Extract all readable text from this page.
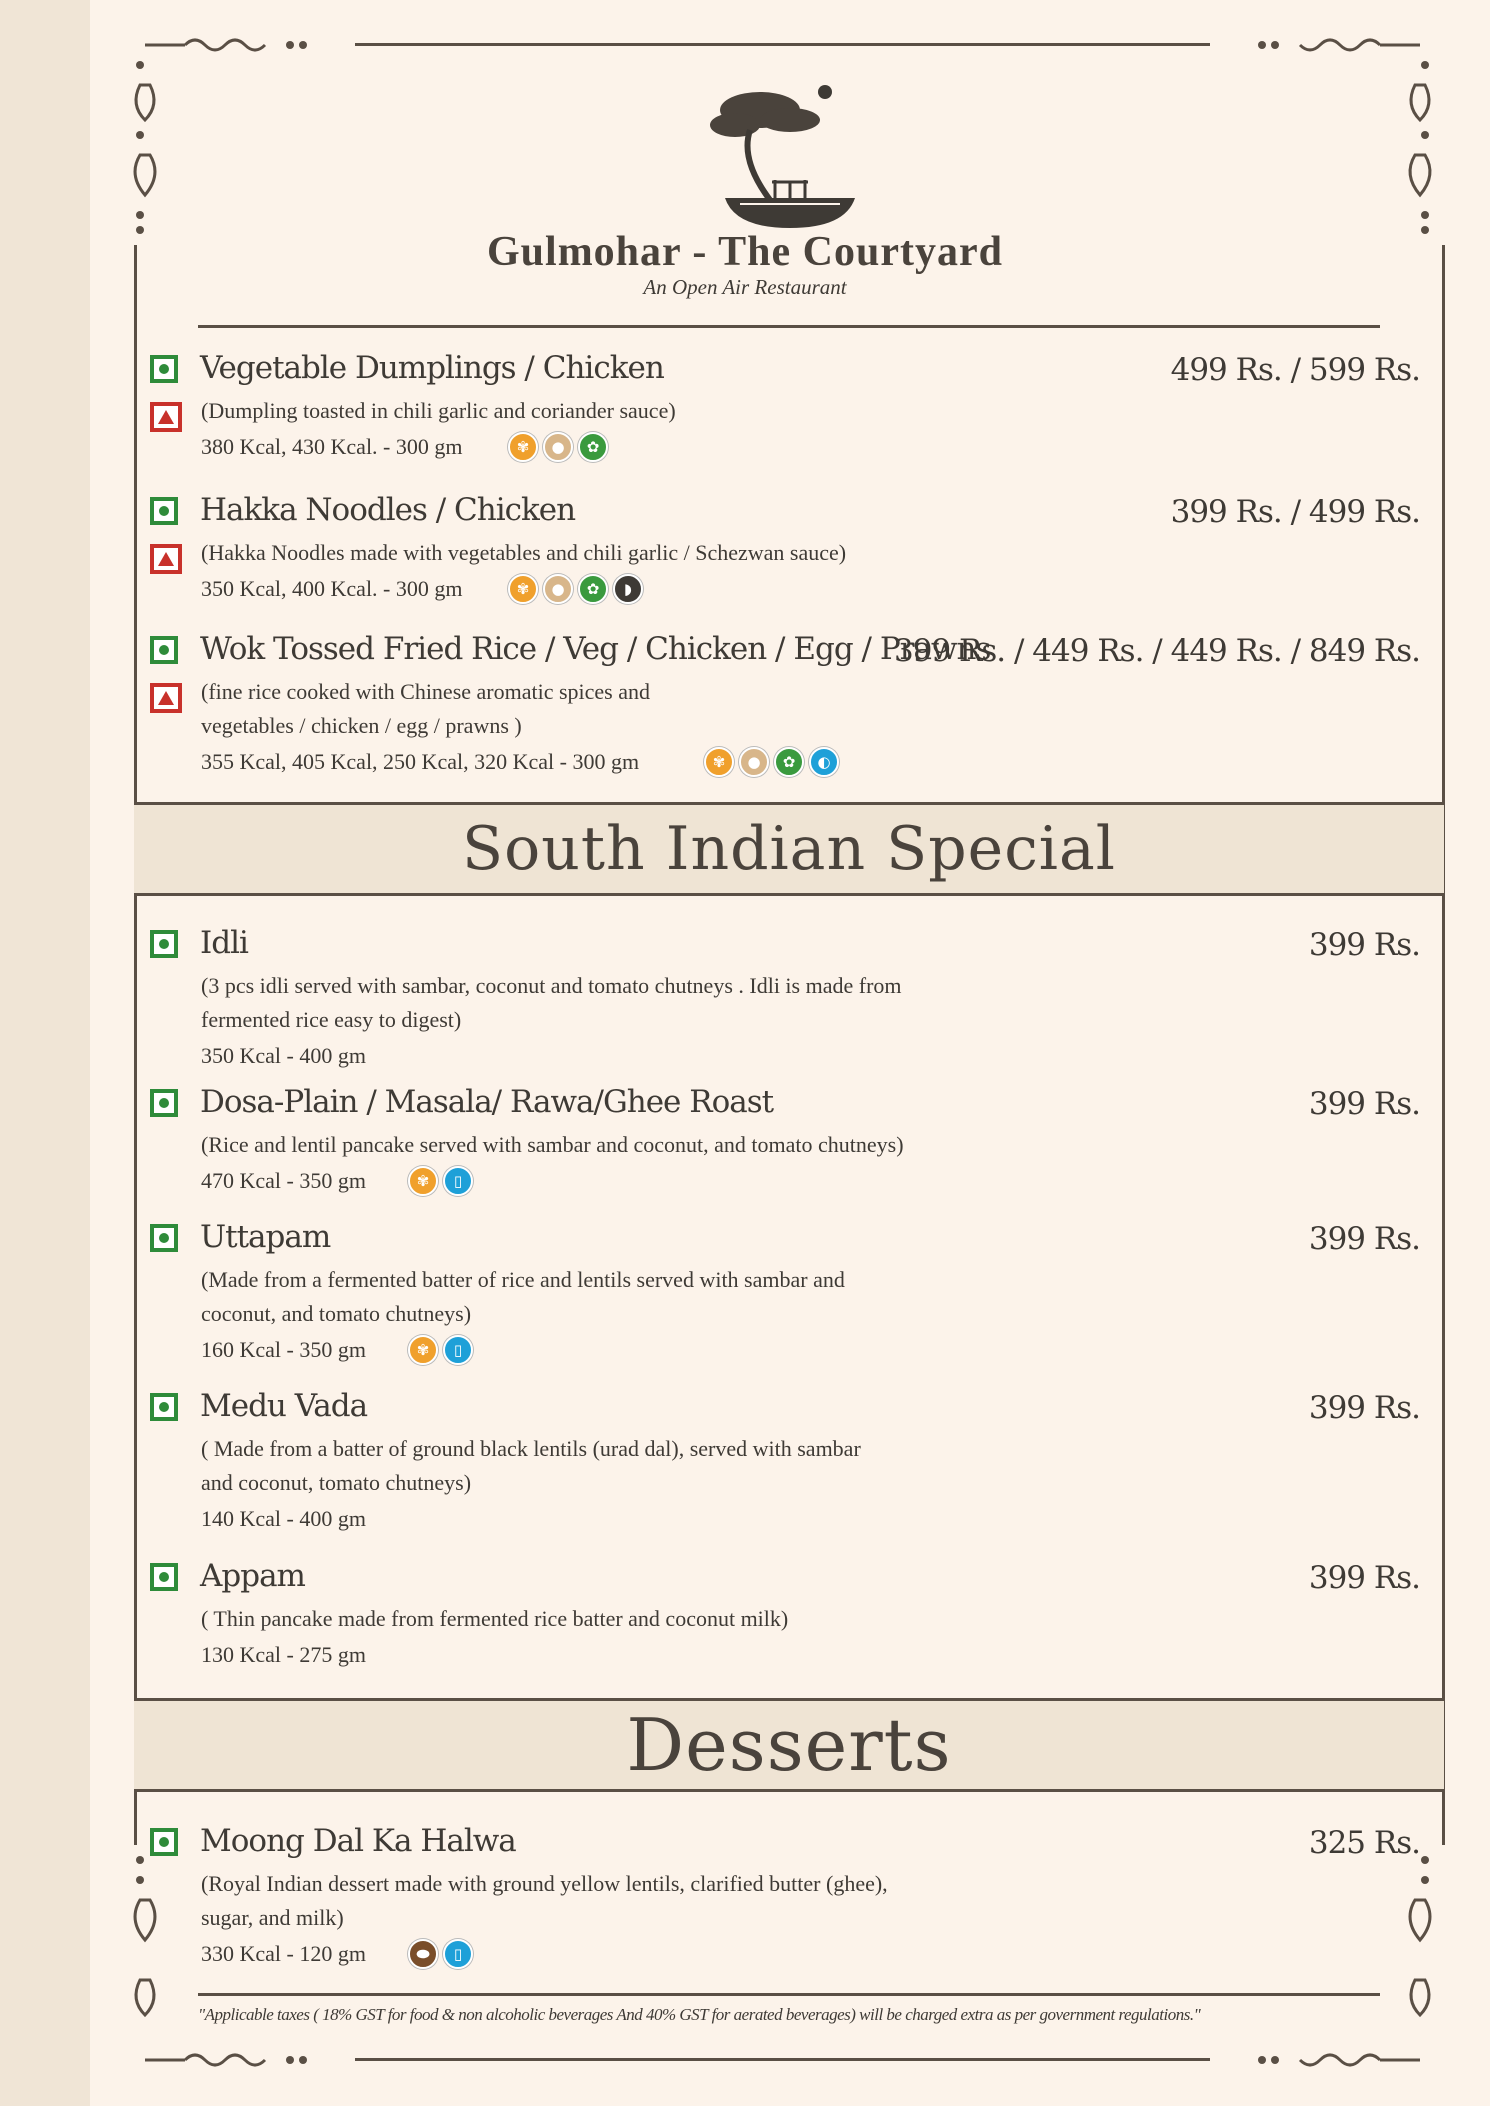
Gulmohar - The Courtyard
An Open Air Restaurant
Vegetable Dumplings / Chicken	499 Rs. / 599 Rs.
(Dumpling toasted in chili garlic and coriander sauce)
380 Kcal, 430 Kcal. - 300 gm	✾	●	✿
Hakka Noodles / Chicken	399 Rs. / 499 Rs.
(Hakka Noodles made with vegetables and chili garlic / Schezwan sauce)
350 Kcal, 400 Kcal. - 300 gm	✾	●	✿	◗
Wok Tossed Fried Rice / Veg / Chicken / Egg / Prawns
399 Rs. / 449 Rs. / 449 Rs. / 849 Rs.
(fine rice cooked with Chinese aromatic spices and
vegetables / chicken / egg / prawns )
355 Kcal, 405 Kcal, 250 Kcal, 320 Kcal - 300 gm	✾	●	✿	◐
South Indian Special
Idli	399 Rs.
(3 pcs idli served with sambar, coconut and tomato chutneys . Idli is made from
fermented rice easy to digest)
350 Kcal - 400 gm
Dosa-Plain / Masala/ Rawa/Ghee Roast	399 Rs.
(Rice and lentil pancake served with sambar and coconut, and tomato chutneys)
470 Kcal - 350 gm	✾	▯
Uttapam	399 Rs.
(Made from a fermented batter of rice and lentils served with sambar and
coconut, and tomato chutneys)
160 Kcal - 350 gm	✾	▯
Medu Vada	399 Rs.
( Made from a batter of ground black lentils (urad dal), served with sambar
and coconut, tomato chutneys)
140 Kcal - 400 gm
Appam	399 Rs.
( Thin pancake made from fermented rice batter and coconut milk)
130 Kcal - 275 gm
Desserts
Moong Dal Ka Halwa	325 Rs.
(Royal Indian dessert made with ground yellow lentils, clarified butter (ghee),
sugar, and milk)
330 Kcal - 120 gm	⬬	▯
"Applicable taxes ( 18% GST for food & non alcoholic beverages And 40% GST for aerated beverages) will be charged extra as per government regulations."
